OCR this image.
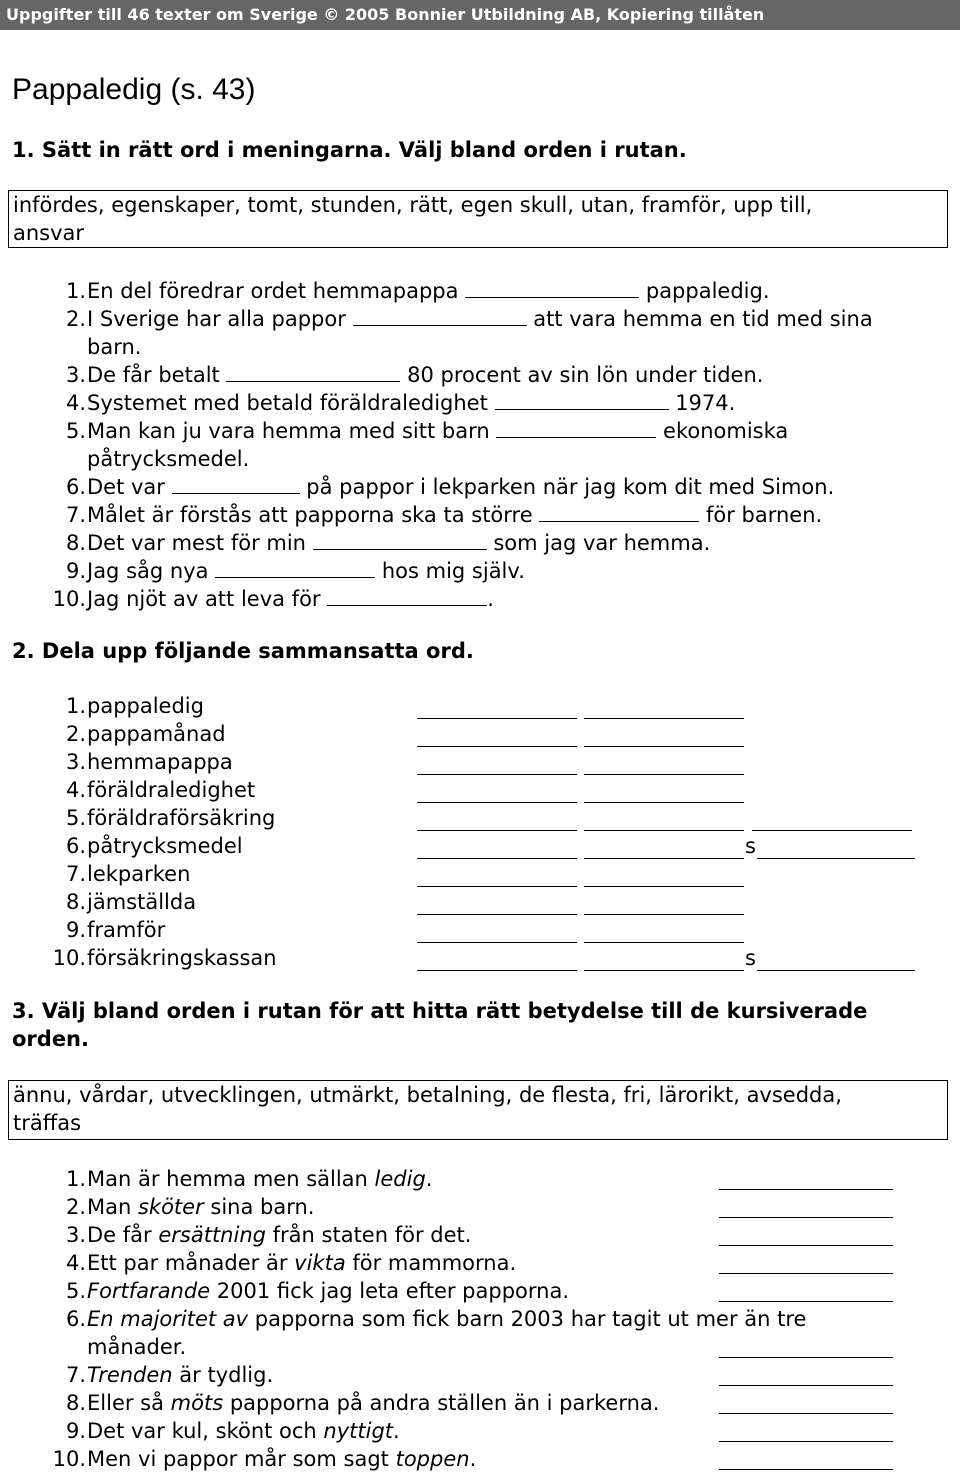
Uppgifter till 46 texter om Sverige © 2005 Bonnier Utbildning AB, Kopiering tillåten
Pappaledig (s. 43)
1. Sätt in rätt ord i meningarna. Välj bland orden i rutan.
infördes, egenskaper, tomt, stunden, rätt, egen skull, utan, framför, upp till,
ansvar
1. En del föredrar ordet hemmapappa	pappaledig.
2. I Sverige har alla pappor	att vara hemma en tid med sina
barn.
3. De får betalt	80 procent av sin lön under tiden.
4. Systemet med betald föräldraledighet	1974.
5. Man kan ju vara hemma med sitt barn	ekonomiska
påtrycksmedel.
6. Det var	på pappor i lekparken när jag kom dit med Simon.
7. Målet är förstås att papporna ska ta större	för barnen.
8. Det var mest för min	som jag var hemma.
9. Jag såg nya	hos mig själv.
10. Jag njöt av att leva för	.
2. Dela upp följande sammansatta ord.
1. pappaledig
2. pappamånad
3. hemmapappa
4. föräldraledighet
5. föräldraförsäkring
6. påtrycksmedel	s
7. lekparken
8. jämställda
9. framför
10. försäkringskassan	s
3. Välj bland orden i rutan för att hitta rätt betydelse till de kursiverade
orden.
ännu, vårdar, utvecklingen, utmärkt, betalning, de flesta, fri, lärorikt, avsedda,
träffas
1. Man är hemma men sällan ledig.
2. Man sköter sina barn.
3. De får ersättning från staten för det.
4. Ett par månader är vikta för mammorna.
5. Fortfarande 2001 fick jag leta efter papporna.
6. En majoritet av papporna som fick barn 2003 har tagit ut mer än tre
månader.
7. Trenden är tydlig.
8. Eller så möts papporna på andra ställen än i parkerna.
9. Det var kul, skönt och nyttigt.
10. Men vi pappor mår som sagt toppen.
